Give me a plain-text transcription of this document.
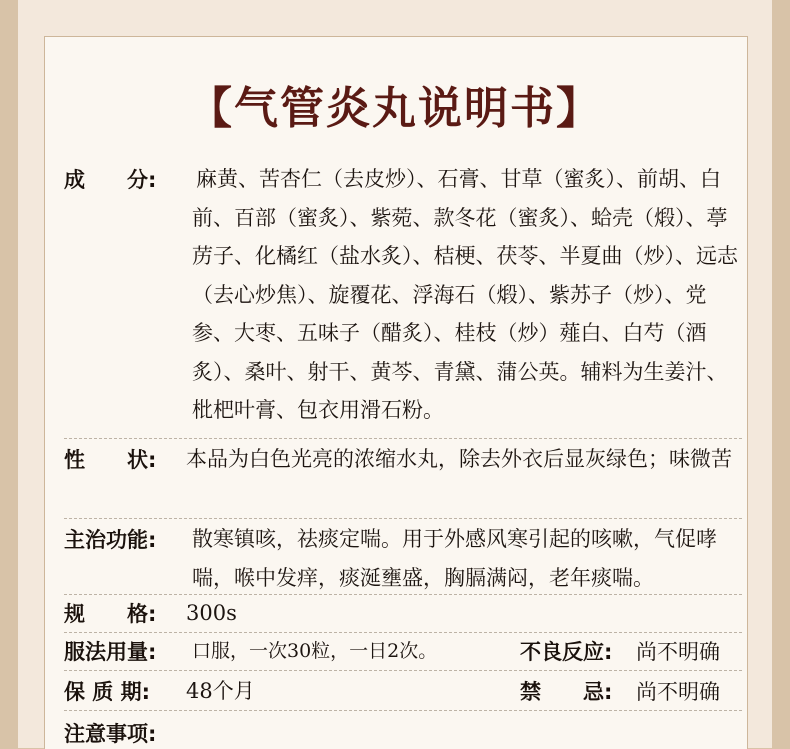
【气管炎丸说明书】
成　　分: 麻黄、苦杏仁（去皮炒）、石膏、甘草（蜜炙）、前胡、白前、百部（蜜炙）、紫菀、款冬花（蜜炙）、蛤壳（煅）、葶苈子、化橘红（盐水炙）、桔梗、茯苓、半夏曲（炒）、远志（去心炒焦）、旋覆花、浮海石（煅）、紫苏子（炒）、党参、大枣、五味子（醋炙）、桂枝（炒）薤白、白芍（酒炙）、桑叶、射干、黄芩、青黛、蒲公英。辅料为生姜汁、枇杷叶膏、包衣用滑石粉。
性　　状: 本品为白色光亮的浓缩水丸，除去外衣后显灰绿色；味微苦
主治功能: 散寒镇咳，祛痰定喘。用于外感风寒引起的咳嗽，气促哮喘，喉中发痒，痰涎壅盛，胸膈满闷，老年痰喘。
规　　格: 300s
服法用量: 口服，一次30粒，一日2次。	不良反应: 尚不明确
保 质 期: 48个月	禁　　忌: 尚不明确
注意事项:
